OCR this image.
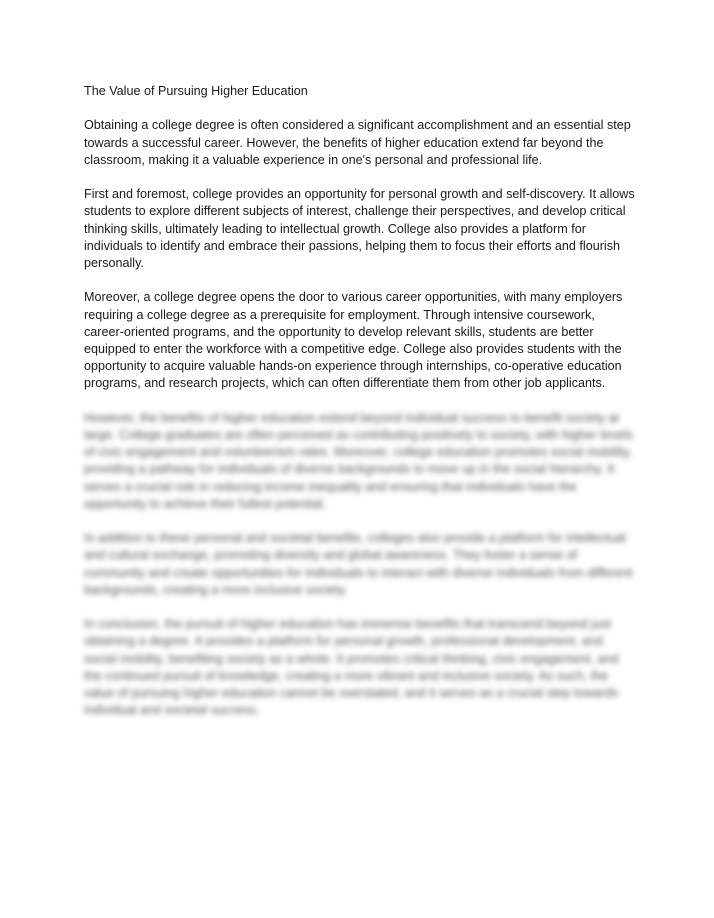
The Value of Pursuing Higher Education

Obtaining a college degree is often considered a significant accomplishment and an essential step towards a successful career. However, the benefits of higher education extend far beyond the classroom, making it a valuable experience in one's personal and professional life.

First and foremost, college provides an opportunity for personal growth and self-discovery. It allows students to explore different subjects of interest, challenge their perspectives, and develop critical thinking skills, ultimately leading to intellectual growth. College also provides a platform for individuals to identify and embrace their passions, helping them to focus their efforts and flourish personally.

Moreover, a college degree opens the door to various career opportunities, with many employers requiring a college degree as a prerequisite for employment. Through intensive coursework, career-oriented programs, and the opportunity to develop relevant skills, students are better equipped to enter the workforce with a competitive edge. College also provides students with the opportunity to acquire valuable hands-on experience through internships, co-operative education programs, and research projects, which can often differentiate them from other job applicants.

However, the benefits of higher education extend beyond individual success to benefit society at large. College graduates are often perceived as contributing positively to society, with higher levels of civic engagement and volunteerism rates. Moreover, college education promotes social mobility, providing a pathway for individuals of diverse backgrounds to move up in the social hierarchy. It serves a crucial role in reducing income inequality and ensuring that individuals have the opportunity to achieve their fullest potential.

In addition to these personal and societal benefits, colleges also provide a platform for intellectual and cultural exchange, promoting diversity and global awareness. They foster a sense of community and create opportunities for individuals to interact with diverse individuals from different backgrounds, creating a more inclusive society.

In conclusion, the pursuit of higher education has immense benefits that transcend beyond just obtaining a degree. It provides a platform for personal growth, professional development, and social mobility, benefiting society as a whole. It promotes critical thinking, civic engagement, and the continued pursuit of knowledge, creating a more vibrant and inclusive society. As such, the value of pursuing higher education cannot be overstated, and it serves as a crucial step towards individual and societal success.
